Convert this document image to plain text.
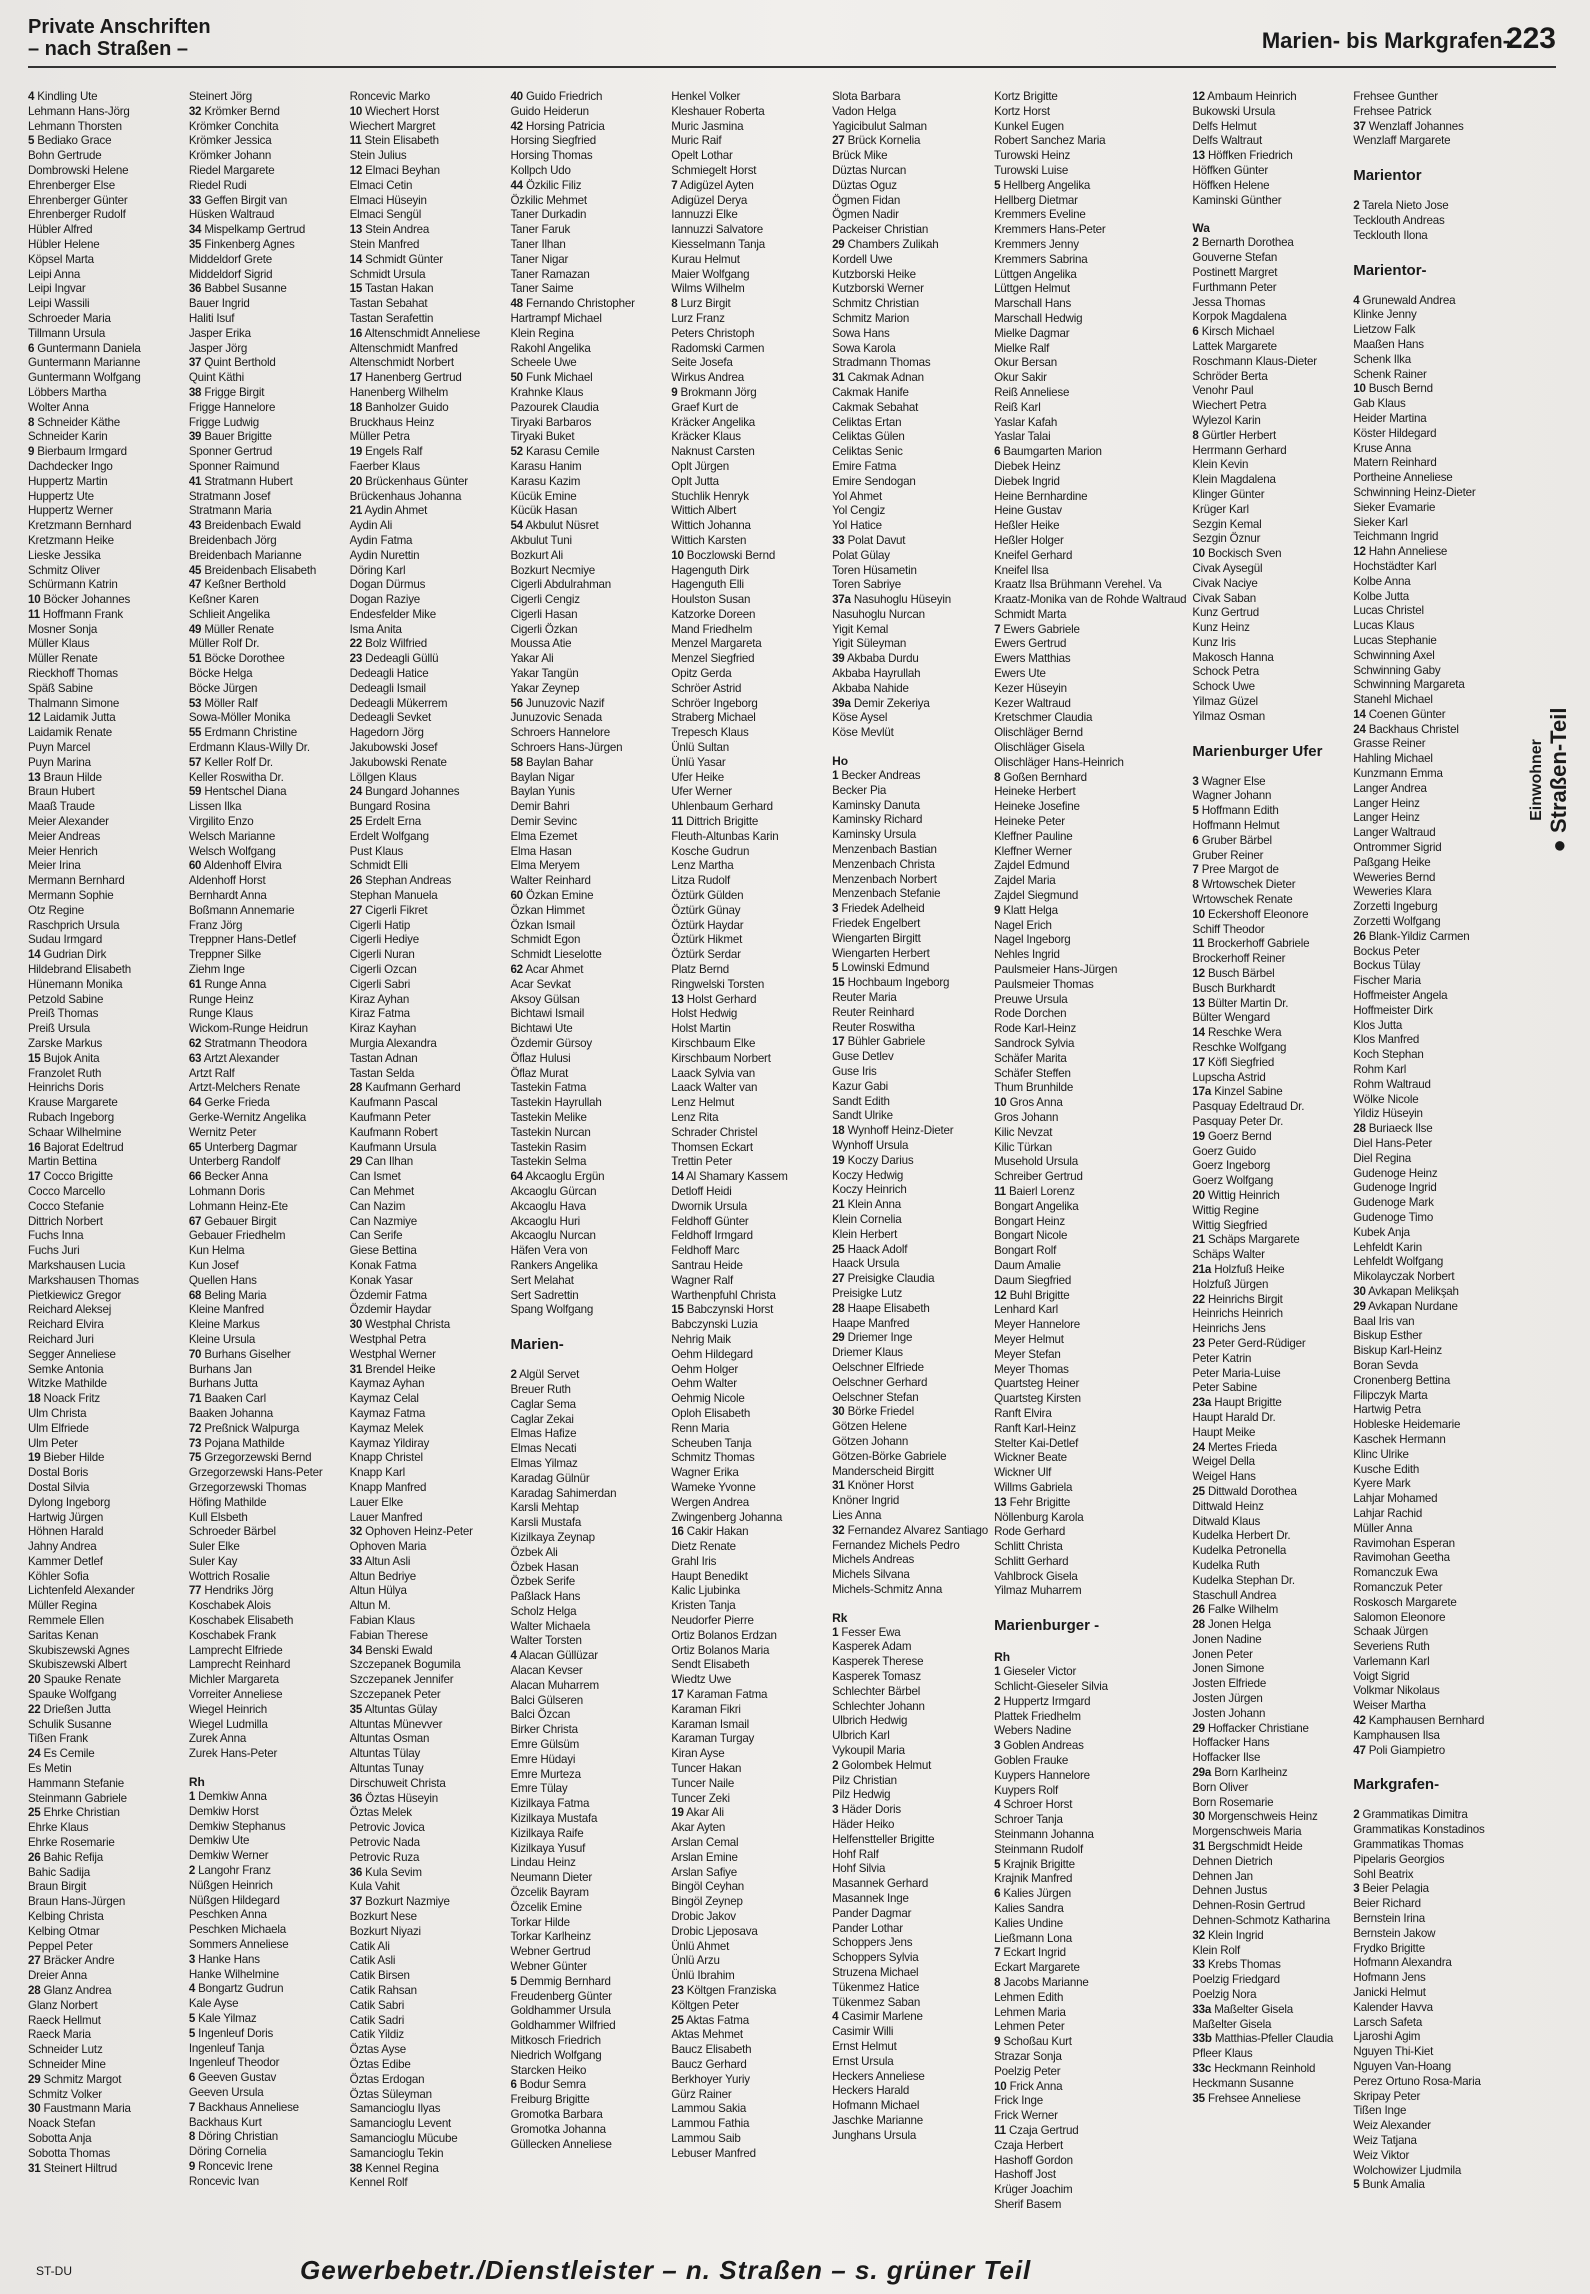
Private Anschriften
– nach Straßen –	Marien- bis Markgrafen-
223
4 Kindling Ute
Lehmann Hans-Jörg
Lehmann Thorsten
5 Bediako Grace
Bohn Gertrude
Dombrowski Helene
Ehrenberger Else
Ehrenberger Günter
Ehrenberger Rudolf
Hübler Alfred
Hübler Helene
Köpsel Marta
Leipi Anna
Leipi Ingvar
Leipi Wassili
Schroeder Maria
Tillmann Ursula
6 Guntermann Daniela
Guntermann Marianne
Guntermann Wolfgang
Löbbers Martha
Wolter Anna
8 Schneider Käthe
Schneider Karin
9 Bierbaum Irmgard
Dachdecker Ingo
Huppertz Martin
Huppertz Ute
Huppertz Werner
Kretzmann Bernhard
Kretzmann Heike
Lieske Jessika
Schmitz Oliver
Schürmann Katrin
10 Böcker Johannes
11 Hoffmann Frank
Mosner Sonja
Müller Klaus
Müller Renate
Rieckhoff Thomas
Späß Sabine
Thalmann Simone
12 Laidamik Jutta
Laidamik Renate
Puyn Marcel
Puyn Marina
13 Braun Hilde
Braun Hubert
Maaß Traude
Meier Alexander
Meier Andreas
Meier Henrich
Meier Irina
Mermann Bernhard
Mermann Sophie
Otz Regine
Raschprich Ursula
Sudau Irmgard
14 Gudrian Dirk
Hildebrand Elisabeth
Hünemann Monika
Petzold Sabine
Preiß Thomas
Preiß Ursula
Zarske Markus
15 Bujok Anita
Franzolet Ruth
Heinrichs Doris
Krause Margarete
Rubach Ingeborg
Schaar Wilhelmine
16 Bajorat Edeltrud
Martin Bettina
17 Cocco Brigitte
Cocco Marcello
Cocco Stefanie
Dittrich Norbert
Fuchs Inna
Fuchs Juri
Markshausen Lucia
Markshausen Thomas
Pietkiewicz Gregor
Reichard Aleksej
Reichard Elvira
Reichard Juri
Segger Anneliese
Semke Antonia
Witzke Mathilde
18 Noack Fritz
Ulm Christa
Ulm Elfriede
Ulm Peter
19 Bieber Hilde
Dostal Boris
Dostal Silvia
Dylong Ingeborg
Hartwig Jürgen
Höhnen Harald
Jahny Andrea
Kammer Detlef
Köhler Sofia
Lichtenfeld Alexander
Müller Regina
Remmele Ellen
Saritas Kenan
Skubiszewski Agnes
Skubiszewski Albert
20 Spauke Renate
Spauke Wolfgang
22 Drießen Jutta
Schulik Susanne
Tißen Frank
24 Es Cemile
Es Metin
Hammann Stefanie
Steinmann Gabriele
25 Ehrke Christian
Ehrke Klaus
Ehrke Rosemarie
26 Bahic Refija
Bahic Sadija
Braun Birgit
Braun Hans-Jürgen
Kelbing Christa
Kelbing Otmar
Peppel Peter
27 Bräcker Andre
Dreier Anna
28 Glanz Andrea
Glanz Norbert
Raeck Hellmut
Raeck Maria
Schneider Lutz
Schneider Mine
29 Schmitz Margot
Schmitz Volker
30 Faustmann Maria
Noack Stefan
Sobotta Anja
Sobotta Thomas
31 Steinert Hiltrud
Steinert Jörg
32 Krömker Bernd
Krömker Conchita
Krömker Jessica
Krömker Johann
Riedel Margarete
Riedel Rudi
33 Geffen Birgit van
Hüsken Waltraud
34 Mispelkamp Gertrud
35 Finkenberg Agnes
Middeldorf Grete
Middeldorf Sigrid
36 Babbel Susanne
Bauer Ingrid
Haliti Isuf
Jasper Erika
Jasper Jörg
37 Quint Berthold
Quint Käthi
38 Frigge Birgit
Frigge Hannelore
Frigge Ludwig
39 Bauer Brigitte
Sponner Gertrud
Sponner Raimund
41 Stratmann Hubert
Stratmann Josef
Stratmann Maria
43 Breidenbach Ewald
Breidenbach Jörg
Breidenbach Marianne
45 Breidenbach Elisabeth
47 Keßner Berthold
Keßner Karen
Schlieit Angelika
49 Müller Renate
Müller Rolf Dr.
51 Böcke Dorothee
Böcke Helga
Böcke Jürgen
53 Möller Ralf
Sowa-Möller Monika
55 Erdmann Christine
Erdmann Klaus-Willy Dr.
57 Keller Rolf Dr.
Keller Roswitha Dr.
59 Hentschel Diana
Lissen Ilka
Virgilito Enzo
Welsch Marianne
Welsch Wolfgang
60 Aldenhoff Elvira
Aldenhoff Horst
Bernhardt Anna
Boßmann Annemarie
Franz Jörg
Treppner Hans-Detlef
Treppner Silke
Ziehm Inge
61 Runge Anna
Runge Heinz
Runge Klaus
Wickom-Runge Heidrun
62 Stratmann Theodora
63 Artzt Alexander
Artzt Ralf
Artzt-Melchers Renate
64 Gerke Frieda
Gerke-Wernitz Angelika
Wernitz Peter
65 Unterberg Dagmar
Unterberg Randolf
66 Becker Anna
Lohmann Doris
Lohmann Heinz-Ete
67 Gebauer Birgit
Gebauer Friedhelm
Kun Helma
Kun Josef
Quellen Hans
68 Beling Maria
Kleine Manfred
Kleine Markus
Kleine Ursula
70 Burhans Giselher
Burhans Jan
Burhans Jutta
71 Baaken Carl
Baaken Johanna
72 Preßnick Walpurga
73 Pojana Mathilde
75 Grzegorzewski Bernd
Grzegorzewski Hans-Peter
Grzegorzewski Thomas
Höfing Mathilde
Kull Elsbeth
Schroeder Bärbel
Suler Elke
Suler Kay
Wottrich Rosalie
77 Hendriks Jörg
Koschabek Alois
Koschabek Elisabeth
Koschabek Frank
Lamprecht Elfriede
Lamprecht Reinhard
Michler Margareta
Vorreiter Anneliese
Wiegel Heinrich
Wiegel Ludmilla
Zurek Anna
Zurek Hans-Peter
Rh
1 Demkiw Anna
Demkiw Horst
Demkiw Stephanus
Demkiw Ute
Demkiw Werner
2 Langohr Franz
Nüßgen Heinrich
Nüßgen Hildegard
Peschken Anna
Peschken Michaela
Sommers Anneliese
3 Hanke Hans
Hanke Wilhelmine
4 Bongartz Gudrun
Kale Ayse
5 Kale Yilmaz
5 Ingenleuf Doris
Ingenleuf Tanja
Ingenleuf Theodor
6 Geeven Gustav
Geeven Ursula
7 Backhaus Anneliese
Backhaus Kurt
8 Döring Christian
Döring Cornelia
9 Roncevic Irene
Roncevic Ivan
Roncevic Marko
10 Wiechert Horst
Wiechert Margret
11 Stein Elisabeth
Stein Julius
12 Elmaci Beyhan
Elmaci Cetin
Elmaci Hüseyin
Elmaci Sengül
13 Stein Andrea
Stein Manfred
14 Schmidt Günter
Schmidt Ursula
15 Tastan Hakan
Tastan Sebahat
Tastan Serafettin
16 Altenschmidt Anneliese
Altenschmidt Manfred
Altenschmidt Norbert
17 Hanenberg Gertrud
Hanenberg Wilhelm
18 Banholzer Guido
Bruckhaus Heinz
Müller Petra
19 Engels Ralf
Faerber Klaus
20 Brückenhaus Günter
Brückenhaus Johanna
21 Aydin Ahmet
Aydin Ali
Aydin Fatma
Aydin Nurettin
Döring Karl
Dogan Dürmus
Dogan Raziye
Endesfelder Mike
Isma Anita
22 Bolz Wilfried
23 Dedeagli Güllü
Dedeagli Hatice
Dedeagli Ismail
Dedeagli Mükerrem
Dedeagli Sevket
Hagedorn Jörg
Jakubowski Josef
Jakubowski Renate
Löllgen Klaus
24 Bungard Johannes
Bungard Rosina
25 Erdelt Erna
Erdelt Wolfgang
Pust Klaus
Schmidt Elli
26 Stephan Andreas
Stephan Manuela
27 Cigerli Fikret
Cigerli Hatip
Cigerli Hediye
Cigerli Nuran
Cigerli Ozcan
Cigerli Sabri
Kiraz Ayhan
Kiraz Fatma
Kiraz Kayhan
Murgia Alexandra
Tastan Adnan
Tastan Selda
28 Kaufmann Gerhard
Kaufmann Pascal
Kaufmann Peter
Kaufmann Robert
Kaufmann Ursula
29 Can Ilhan
Can Ismet
Can Mehmet
Can Nazim
Can Nazmiye
Can Serife
Giese Bettina
Konak Fatma
Konak Yasar
Özdemir Fatma
Özdemir Haydar
30 Westphal Christa
Westphal Petra
Westphal Werner
31 Brendel Heike
Kaymaz Ayhan
Kaymaz Celal
Kaymaz Fatma
Kaymaz Melek
Kaymaz Yildiray
Knapp Christel
Knapp Karl
Knapp Manfred
Lauer Elke
Lauer Manfred
32 Ophoven Heinz-Peter
Ophoven Maria
33 Altun Asli
Altun Bedriye
Altun Hülya
Altun M.
Fabian Klaus
Fabian Therese
34 Benski Ewald
Szczepanek Bogumila
Szczepanek Jennifer
Szczepanek Peter
35 Altuntas Gülay
Altuntas Münevver
Altuntas Osman
Altuntas Tülay
Altuntas Tunay
Dirschuweit Christa
36 Öztas Hüseyin
Öztas Melek
Petrovic Jovica
Petrovic Nada
Petrovic Ruza
36 Kula Sevim
Kula Vahit
37 Bozkurt Nazmiye
Bozkurt Nese
Bozkurt Niyazi
Catik Ali
Catik Asli
Catik Birsen
Catik Rahsan
Catik Sabri
Catik Sadri
Catik Yildiz
Öztas Ayse
Öztas Edibe
Öztas Erdogan
Öztas Süleyman
Samancioglu Ilyas
Samancioglu Levent
Samancioglu Mücube
Samancioglu Tekin
38 Kennel Regina
Kennel Rolf
40 Guido Friedrich
Guido Heiderun
42 Horsing Patricia
Horsing Siegfried
Horsing Thomas
Kollpch Udo
44 Özkilic Filiz
Özkilic Mehmet
Taner Durkadin
Taner Faruk
Taner Ilhan
Taner Nigar
Taner Ramazan
Taner Saime
48 Fernando Christopher
Hartrampf Michael
Klein Regina
Rakohl Angelika
Scheele Uwe
50 Funk Michael
Krahnke Klaus
Pazourek Claudia
Tiryaki Barbaros
Tiryaki Buket
52 Karasu Cemile
Karasu Hanim
Karasu Kazim
Kücük Emine
Kücük Hasan
54 Akbulut Nüsret
Akbulut Tuni
Bozkurt Ali
Bozkurt Necmiye
Cigerli Abdulrahman
Cigerli Cengiz
Cigerli Hasan
Cigerli Özkan
Moussa Atie
Yakar Ali
Yakar Tangün
Yakar Zeynep
56 Junuzovic Nazif
Junuzovic Senada
Schroers Hannelore
Schroers Hans-Jürgen
58 Baylan Bahar
Baylan Nigar
Baylan Yunis
Demir Bahri
Demir Sevinc
Elma Ezemet
Elma Hasan
Elma Meryem
Walter Reinhard
60 Özkan Emine
Özkan Himmet
Özkan Ismail
Schmidt Egon
Schmidt Lieselotte
62 Acar Ahmet
Acar Sevkat
Aksoy Gülsan
Bichtawi Ismail
Bichtawi Ute
Özdemir Gürsoy
Öflaz Hulusi
Öflaz Murat
Tastekin Fatma
Tastekin Hayrullah
Tastekin Melike
Tastekin Nurcan
Tastekin Rasim
Tastekin Selma
64 Akcaoglu Ergün
Akcaoglu Gürcan
Akcaoglu Hava
Akcaoglu Huri
Akcaoglu Nurcan
Häfen Vera von
Rankers Angelika
Sert Melahat
Sert Sadrettin
Spang Wolfgang
Marien-
2 Algül Servet
Breuer Ruth
Caglar Sema
Caglar Zekai
Elmas Hafize
Elmas Necati
Elmas Yilmaz
Karadag Gülnür
Karadag Sahimerdan
Karsli Mehtap
Karsli Mustafa
Kizilkaya Zeynap
Özbek Ali
Özbek Hasan
Özbek Serife
Paßlack Hans
Scholz Helga
Walter Michaela
Walter Torsten
4 Alacan Güllüzar
Alacan Kevser
Alacan Muharrem
Balci Gülseren
Balci Özcan
Birker Christa
Emre Gülsüm
Emre Hüdayi
Emre Murteza
Emre Tülay
Kizilkaya Fatma
Kizilkaya Mustafa
Kizilkaya Raife
Kizilkaya Yusuf
Lindau Heinz
Neumann Dieter
Özcelik Bayram
Özcelik Emine
Torkar Hilde
Torkar Karlheinz
Webner Gertrud
Webner Günter
5 Demmig Bernhard
Freudenberg Günter
Goldhammer Ursula
Goldhammer Wilfried
Mitkosch Friedrich
Niedrich Wolfgang
Starcken Heiko
6 Bodur Semra
Freiburg Brigitte
Gromotka Barbara
Gromotka Johanna
Güllecken Anneliese
Henkel Volker
Kleshauer Roberta
Muric Jasmina
Muric Raif
Opelt Lothar
Schmiegelt Horst
7 Adigüzel Ayten
Adigüzel Derya
Iannuzzi Elke
Iannuzzi Salvatore
Kiesselmann Tanja
Kurau Helmut
Maier Wolfgang
Wilms Wilhelm
8 Lurz Birgit
Lurz Franz
Peters Christoph
Radomski Carmen
Seite Josefa
Wirkus Andrea
9 Brokmann Jörg
Graef Kurt de
Kräcker Angelika
Kräcker Klaus
Naknust Carsten
Oplt Jürgen
Oplt Jutta
Stuchlik Henryk
Wittich Albert
Wittich Johanna
Wittich Karsten
10 Boczlowski Bernd
Hagenguth Dirk
Hagenguth Elli
Houlston Susan
Katzorke Doreen
Mand Friedhelm
Menzel Margareta
Menzel Siegfried
Opitz Gerda
Schröer Astrid
Schröer Ingeborg
Straberg Michael
Trepesch Klaus
Ünlü Sultan
Ünlü Yasar
Ufer Heike
Ufer Werner
Uhlenbaum Gerhard
11 Dittrich Brigitte
Fleuth-Altunbas Karin
Kosche Gudrun
Lenz Martha
Litza Rudolf
Öztürk Gülden
Öztürk Günay
Öztürk Haydar
Öztürk Hikmet
Öztürk Serdar
Platz Bernd
Ringwelski Torsten
13 Holst Gerhard
Holst Hedwig
Holst Martin
Kirschbaum Elke
Kirschbaum Norbert
Laack Sylvia van
Laack Walter van
Lenz Helmut
Lenz Rita
Schrader Christel
Thomsen Eckart
Trettin Peter
14 Al Shamary Kassem
Detloff Heidi
Dwornik Ursula
Feldhoff Günter
Feldhoff Irmgard
Feldhoff Marc
Santrau Heide
Wagner Ralf
Warthenpfuhl Christa
15 Babczynski Horst
Babczynski Luzia
Nehrig Maik
Oehm Hildegard
Oehm Holger
Oehm Walter
Oehmig Nicole
Oploh Elisabeth
Renn Maria
Scheuben Tanja
Schmitz Thomas
Wagner Erika
Wameke Yvonne
Wergen Andrea
Zwingenberg Johanna
16 Cakir Hakan
Dietz Renate
Grahl Iris
Haupt Benedikt
Kalic Ljubinka
Kristen Tanja
Neudorfer Pierre
Ortiz Bolanos Erdzan
Ortiz Bolanos Maria
Sendt Elisabeth
Wiedtz Uwe
17 Karaman Fatma
Karaman Fikri
Karaman Ismail
Karaman Turgay
Kiran Ayse
Tuncer Hakan
Tuncer Naile
Tuncer Zeki
19 Akar Ali
Akar Ayten
Arslan Cemal
Arslan Emine
Arslan Safiye
Bingöl Ceyhan
Bingöl Zeynep
Drobic Jakov
Drobic Ljeposava
Ünlü Ahmet
Ünlü Arzu
Ünlü Ibrahim
23 Költgen Franziska
Költgen Peter
25 Aktas Fatma
Aktas Mehmet
Baucz Elisabeth
Baucz Gerhard
Berkhoyer Yuriy
Gürz Rainer
Lammou Sakia
Lammou Fathia
Lammou Saib
Lebuser Manfred
Slota Barbara
Vadon Helga
Yagicibulut Salman
27 Brück Kornelia
Brück Mike
Düztas Nurcan
Düztas Oguz
Ögmen Fidan
Ögmen Nadir
Packeiser Christian
29 Chambers Zulikah
Kordell Uwe
Kutzborski Heike
Kutzborski Werner
Schmitz Christian
Schmitz Marion
Sowa Hans
Sowa Karola
Stradmann Thomas
31 Cakmak Adnan
Cakmak Hanife
Cakmak Sebahat
Celiktas Ertan
Celiktas Gülen
Celiktas Senic
Emire Fatma
Emire Sendogan
Yol Ahmet
Yol Cengiz
Yol Hatice
33 Polat Davut
Polat Gülay
Toren Hüsametin
Toren Sabriye
37a Nasuhoglu Hüseyin
Nasuhoglu Nurcan
Yigit Kemal
Yigit Süleyman
39 Akbaba Durdu
Akbaba Hayrullah
Akbaba Nahide
39a Demir Zekeriya
Köse Aysel
Köse Mevlüt
Ho
1 Becker Andreas
Becker Pia
Kaminsky Danuta
Kaminsky Richard
Kaminsky Ursula
Menzenbach Bastian
Menzenbach Christa
Menzenbach Norbert
Menzenbach Stefanie
3 Friedek Adelheid
Friedek Engelbert
Wiengarten Birgitt
Wiengarten Herbert
5 Lowinski Edmund
15 Hochbaum Ingeborg
Reuter Maria
Reuter Reinhard
Reuter Roswitha
17 Bühler Gabriele
Guse Detlev
Guse Iris
Kazur Gabi
Sandt Edith
Sandt Ulrike
18 Wynhoff Heinz-Dieter
Wynhoff Ursula
19 Koczy Darius
Koczy Hedwig
Koczy Heinrich
21 Klein Anna
Klein Cornelia
Klein Herbert
25 Haack Adolf
Haack Ursula
27 Preisigke Claudia
Preisigke Lutz
28 Haape Elisabeth
Haape Manfred
29 Driemer Inge
Driemer Klaus
Oelschner Elfriede
Oelschner Gerhard
Oelschner Stefan
30 Börke Friedel
Götzen Helene
Götzen Johann
Götzen-Börke Gabriele
Manderscheid Birgitt
31 Knöner Horst
Knöner Ingrid
Lies Anna
32 Fernandez Alvarez Santiago
Fernandez Michels Pedro
Michels Andreas
Michels Silvana
Michels-Schmitz Anna
Rk
1 Fesser Ewa
Kasperek Adam
Kasperek Therese
Kasperek Tomasz
Schlechter Bärbel
Schlechter Johann
Ulbrich Hedwig
Ulbrich Karl
Vykoupil Maria
2 Golombek Helmut
Pilz Christian
Pilz Hedwig
3 Häder Doris
Häder Heiko
Helfenstteller Brigitte
Hohf Ralf
Hohf Silvia
Masannek Gerhard
Masannek Inge
Pander Dagmar
Pander Lothar
Schoppers Jens
Schoppers Sylvia
Struzena Michael
Tükenmez Hatice
Tükenmez Saban
4 Casimir Marlene
Casimir Willi
Ernst Helmut
Ernst Ursula
Heckers Anneliese
Heckers Harald
Hofmann Michael
Jaschke Marianne
Junghans Ursula
Kortz Brigitte
Kortz Horst
Kunkel Eugen
Robert Sanchez Maria
Turowski Heinz
Turowski Luise
5 Hellberg Angelika
Hellberg Dietmar
Kremmers Eveline
Kremmers Hans-Peter
Kremmers Jenny
Kremmers Sabrina
Lüttgen Angelika
Lüttgen Helmut
Marschall Hans
Marschall Hedwig
Mielke Dagmar
Mielke Ralf
Okur Bersan
Okur Sakir
Reiß Anneliese
Reiß Karl
Yaslar Kafah
Yaslar Talai
6 Baumgarten Marion
Diebek Heinz
Diebek Ingrid
Heine Bernhardine
Heine Gustav
Heßler Heike
Heßler Holger
Kneifel Gerhard
Kneifel Ilsa
Kraatz Ilsa Brühmann Verehel. Va
Kraatz-Monika van de Rohde Waltraud
Schmidt Marta
7 Ewers Gabriele
Ewers Gertrud
Ewers Matthias
Ewers Ute
Kezer Hüseyin
Kezer Waltraud
Kretschmer Claudia
Olischläger Bernd
Olischläger Gisela
Olischläger Hans-Heinrich
8 Goßen Bernhard
Heineke Herbert
Heineke Josefine
Heineke Peter
Kleffner Pauline
Kleffner Werner
Zajdel Edmund
Zajdel Maria
Zajdel Siegmund
9 Klatt Helga
Nagel Erich
Nagel Ingeborg
Nehles Ingrid
Paulsmeier Hans-Jürgen
Paulsmeier Thomas
Preuwe Ursula
Rode Dorchen
Rode Karl-Heinz
Sandrock Sylvia
Schäfer Marita
Schäfer Steffen
Thum Brunhilde
10 Gros Anna
Gros Johann
Kilic Nevzat
Kilic Türkan
Musehold Ursula
Schreiber Gertrud
11 Baierl Lorenz
Bongart Angelika
Bongart Heinz
Bongart Nicole
Bongart Rolf
Daum Amalie
Daum Siegfried
12 Buhl Brigitte
Lenhard Karl
Meyer Hannelore
Meyer Helmut
Meyer Stefan
Meyer Thomas
Quartsteg Heiner
Quartsteg Kirsten
Ranft Elvira
Ranft Karl-Heinz
Stelter Kai-Detlef
Wickner Beate
Wickner Ulf
Willms Gabriela
13 Fehr Brigitte
Nöllenburg Karola
Rode Gerhard
Schlitt Christa
Schlitt Gerhard
Vahlbrock Gisela
Yilmaz Muharrem
Marienburger -
Rh
1 Gieseler Victor
Schlicht-Gieseler Silvia
2 Huppertz Irmgard
Plattek Friedhelm
Webers Nadine
3 Goblen Andreas
Goblen Frauke
Kuypers Hannelore
Kuypers Rolf
4 Schroer Horst
Schroer Tanja
Steinmann Johanna
Steinmann Rudolf
5 Krajnik Brigitte
Krajnik Manfred
6 Kalies Jürgen
Kalies Sandra
Kalies Undine
Ließmann Lona
7 Eckart Ingrid
Eckart Margarete
8 Jacobs Marianne
Lehmen Edith
Lehmen Maria
Lehmen Peter
9 Schoßau Kurt
Strazar Sonja
Poelzig Peter
10 Frick Anna
Frick Inge
Frick Werner
11 Czaja Gertrud
Czaja Herbert
Hashoff Gordon
Hashoff Jost
Krüger Joachim
Sherif Basem
12 Ambaum Heinrich
Bukowski Ursula
Delfs Helmut
Delfs Waltraut
13 Höffken Friedrich
Höffken Günter
Höffken Helene
Kaminski Günther
Wa
2 Bernarth Dorothea
Gouverne Stefan
Postinett Margret
Furthmann Peter
Jessa Thomas
Korpok Magdalena
6 Kirsch Michael
Lattek Margarete
Roschmann Klaus-Dieter
Schröder Berta
Venohr Paul
Wiechert Petra
Wylezol Karin
8 Gürtler Herbert
Herrmann Gerhard
Klein Kevin
Klein Magdalena
Klinger Günter
Krüger Karl
Sezgin Kemal
Sezgin Öznur
10 Bockisch Sven
Civak Aysegül
Civak Naciye
Civak Saban
Kunz Gertrud
Kunz Heinz
Kunz Iris
Makosch Hanna
Schock Petra
Schock Uwe
Yilmaz Güzel
Yilmaz Osman
Marienburger Ufer
3 Wagner Else
Wagner Johann
5 Hoffmann Edith
Hoffmann Helmut
6 Gruber Bärbel
Gruber Reiner
7 Pree Margot de
8 Wrtowschek Dieter
Wrtowschek Renate
10 Eckershoff Eleonore
Schiff Theodor
11 Brockerhoff Gabriele
Brockerhoff Reiner
12 Busch Bärbel
Busch Burkhardt
13 Bülter Martin Dr.
Bülter Wengard
14 Reschke Wera
Reschke Wolfgang
17 Köfl Siegfried
Lupscha Astrid
17a Kinzel Sabine
Pasquay Edeltraud Dr.
Pasquay Peter Dr.
19 Goerz Bernd
Goerz Guido
Goerz Ingeborg
Goerz Wolfgang
20 Wittig Heinrich
Wittig Regine
Wittig Siegfried
21 Schäps Margarete
Schäps Walter
21a Holzfuß Heike
Holzfuß Jürgen
22 Heinrichs Birgit
Heinrichs Heinrich
Heinrichs Jens
23 Peter Gerd-Rüdiger
Peter Katrin
Peter Maria-Luise
Peter Sabine
23a Haupt Brigitte
Haupt Harald Dr.
Haupt Meike
24 Mertes Frieda
Weigel Della
Weigel Hans
25 Dittwald Dorothea
Dittwald Heinz
Ditwald Klaus
Kudelka Herbert Dr.
Kudelka Petronella
Kudelka Ruth
Kudelka Stephan Dr.
Staschull Andrea
26 Falke Wilhelm
28 Jonen Helga
Jonen Nadine
Jonen Peter
Jonen Simone
Josten Elfriede
Josten Jürgen
Josten Johann
29 Hoffacker Christiane
Hoffacker Hans
Hoffacker Ilse
29a Born Karlheinz
Born Oliver
Born Rosemarie
30 Morgenschweis Heinz
Morgenschweis Maria
31 Bergschmidt Heide
Dehnen Dietrich
Dehnen Jan
Dehnen Justus
Dehnen-Rosin Gertrud
Dehnen-Schmotz Katharina
32 Klein Ingrid
Klein Rolf
33 Krebs Thomas
Poelzig Friedgard
Poelzig Nora
33a Maßelter Gisela
Maßelter Gisela
33b Matthias-Pfeller Claudia
Pfleer Klaus
33c Heckmann Reinhold
Heckmann Susanne
35 Frehsee Anneliese
Frehsee Gunther
Frehsee Patrick
37 Wenzlaff Johannes
Wenzlaff Margarete
Marientor
2 Tarela Nieto Jose
Tecklouth Andreas
Tecklouth Ilona
Marientor-
4 Grunewald Andrea
Klinke Jenny
Lietzow Falk
Maaßen Hans
Schenk Ilka
Schenk Rainer
10 Busch Bernd
Gab Klaus
Heider Martina
Köster Hildegard
Kruse Anna
Matern Reinhard
Portheine Anneliese
Schwinning Heinz-Dieter
Sieker Evamarie
Sieker Karl
Teichmann Ingrid
12 Hahn Anneliese
Hochstädter Karl
Kolbe Anna
Kolbe Jutta
Lucas Christel
Lucas Klaus
Lucas Stephanie
Schwinning Axel
Schwinning Gaby
Schwinning Margareta
Stanehl Michael
14 Coenen Günter
24 Backhaus Christel
Grasse Reiner
Hahling Michael
Kunzmann Emma
Langer Andrea
Langer Heinz
Langer Heinz
Langer Waltraud
Ontrommer Sigrid
Paßgang Heike
Weweries Bernd
Weweries Klara
Zorzetti Ingeburg
Zorzetti Wolfgang
26 Blank-Yildiz Carmen
Bockus Peter
Bockus Tülay
Fischer Maria
Hoffmeister Angela
Hoffmeister Dirk
Klos Jutta
Klos Manfred
Koch Stephan
Rohm Karl
Rohm Waltraud
Wölke Nicole
Yildiz Hüseyin
28 Buriaeck Ilse
Diel Hans-Peter
Diel Regina
Gudenoge Heinz
Gudenoge Ingrid
Gudenoge Mark
Gudenoge Timo
Kubek Anja
Lehfeldt Karin
Lehfeldt Wolfgang
Mikolayczak Norbert
30 Avkapan Melikşah
29 Avkapan Nurdane
Baal Iris van
Biskup Esther
Biskup Karl-Heinz
Boran Sevda
Cronenberg Bettina
Filipczyk Marta
Hartwig Petra
Hobleske Heidemarie
Kaschek Hermann
Klinc Ulrike
Kusche Edith
Kyere Mark
Lahjar Mohamed
Lahjar Rachid
Müller Anna
Ravimohan Esperan
Ravimohan Geetha
Romanczuk Ewa
Romanczuk Peter
Roskosch Margarete
Salomon Eleonore
Schaak Jürgen
Severiens Ruth
Varlemann Karl
Voigt Sigrid
Volkmar Nikolaus
Weiser Martha
42 Kamphausen Bernhard
Kamphausen Ilsa
47 Poli Giampietro
Markgrafen-
2 Grammatikas Dimitra
Grammatikas Konstadinos
Grammatikas Thomas
Pipelaris Georgios
Sohl Beatrix
3 Beier Pelagia
Beier Richard
Bernstein Irina
Bernstein Jakow
Frydko Brigitte
Hofmann Alexandra
Hofmann Jens
Janicki Helmut
Kalender Havva
Larsch Safeta
Ljaroshi Agim
Nguyen Thi-Kiet
Nguyen Van-Hoang
Perez Ortuno Rosa-Maria
Skripay Peter
Tißen Inge
Weiz Alexander
Weiz Tatjana
Weiz Viktor
Wolchowizer Ljudmila
5 Bunk Amalia
Einwohner ● Straßen-Teil
ST-DU	Gewerbebetr./Dienstleister – n. Straßen – s. grüner Teil
